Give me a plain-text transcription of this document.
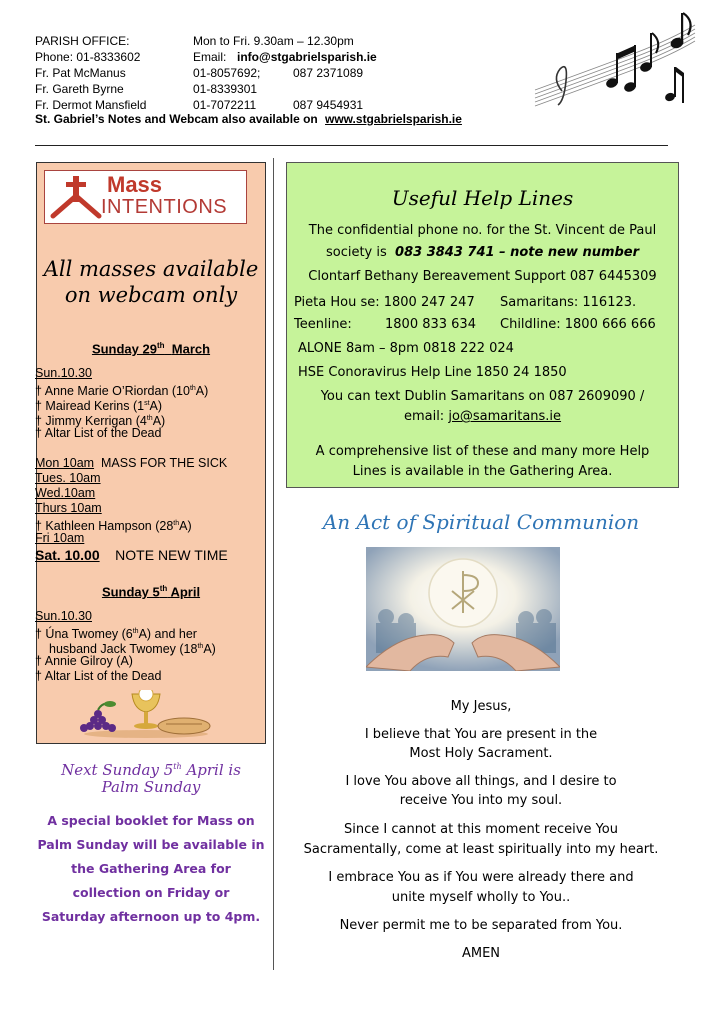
PARISH OFFICE:	Mon to Fri. 9.30am – 12.30pm
Phone: 01-8333602	Email: info@stgabrielsparish.ie
Fr. Pat McManus	01-8057692;	087 2371089
Fr. Gareth Byrne	01-8339301
Fr. Dermot Mansfield	01-7072211	087 9454931
St. Gabriel’s Notes and Webcam also available on www.stgabrielsparish.ie
Mass
INTENTIONS
All masses available
on webcam only
Sunday 29th March
Sun.10.30
† Anne Marie O’Riordan (10thA)
† Mairead Kerins (1stA)
† Jimmy Kerrigan (4thA)
† Altar List of the Dead
Mon 10am MASS FOR THE SICK
Tues. 10am
Wed.10am
Thurs 10am
† Kathleen Hampson (28thA)
Fri 10am
Sat. 10.00 NOTE NEW TIME
Sunday 5th April
Sun.10.30
† Úna Twomey (6thA) and her
husband Jack Twomey (18thA)
† Annie Gilroy (A)
† Altar List of the Dead
Next Sunday 5th April is
Palm Sunday
A special booklet for Mass on
Palm Sunday will be available in
the Gathering Area for
collection on Friday or
Saturday afternoon up to 4pm.
Useful Help Lines
The confidential phone no. for the St. Vincent de Paul
society is 083 3843 741 – note new number
Clontarf Bethany Bereavement Support 087 6445309
Pieta Hou se: 1800 247 247 Samaritans: 116123.
Teenline:	1800 833 634 Childline: 1800 666 666
ALONE 8am – 8pm 0818 222 024
HSE Conoravirus Help Line 1850 24 1850
You can text Dublin Samaritans on 087 2609090 /
email: jo@samaritans.ie
A comprehensive list of these and many more Help
Lines is available in the Gathering Area.
An Act of Spiritual Communion
My Jesus,
I believe that You are present in the
Most Holy Sacrament.
I love You above all things, and I desire to
receive You into my soul.
Since I cannot at this moment receive You
Sacramentally, come at least spiritually into my heart.
I embrace You as if You were already there and
unite myself wholly to You..
Never permit me to be separated from You.
AMEN
